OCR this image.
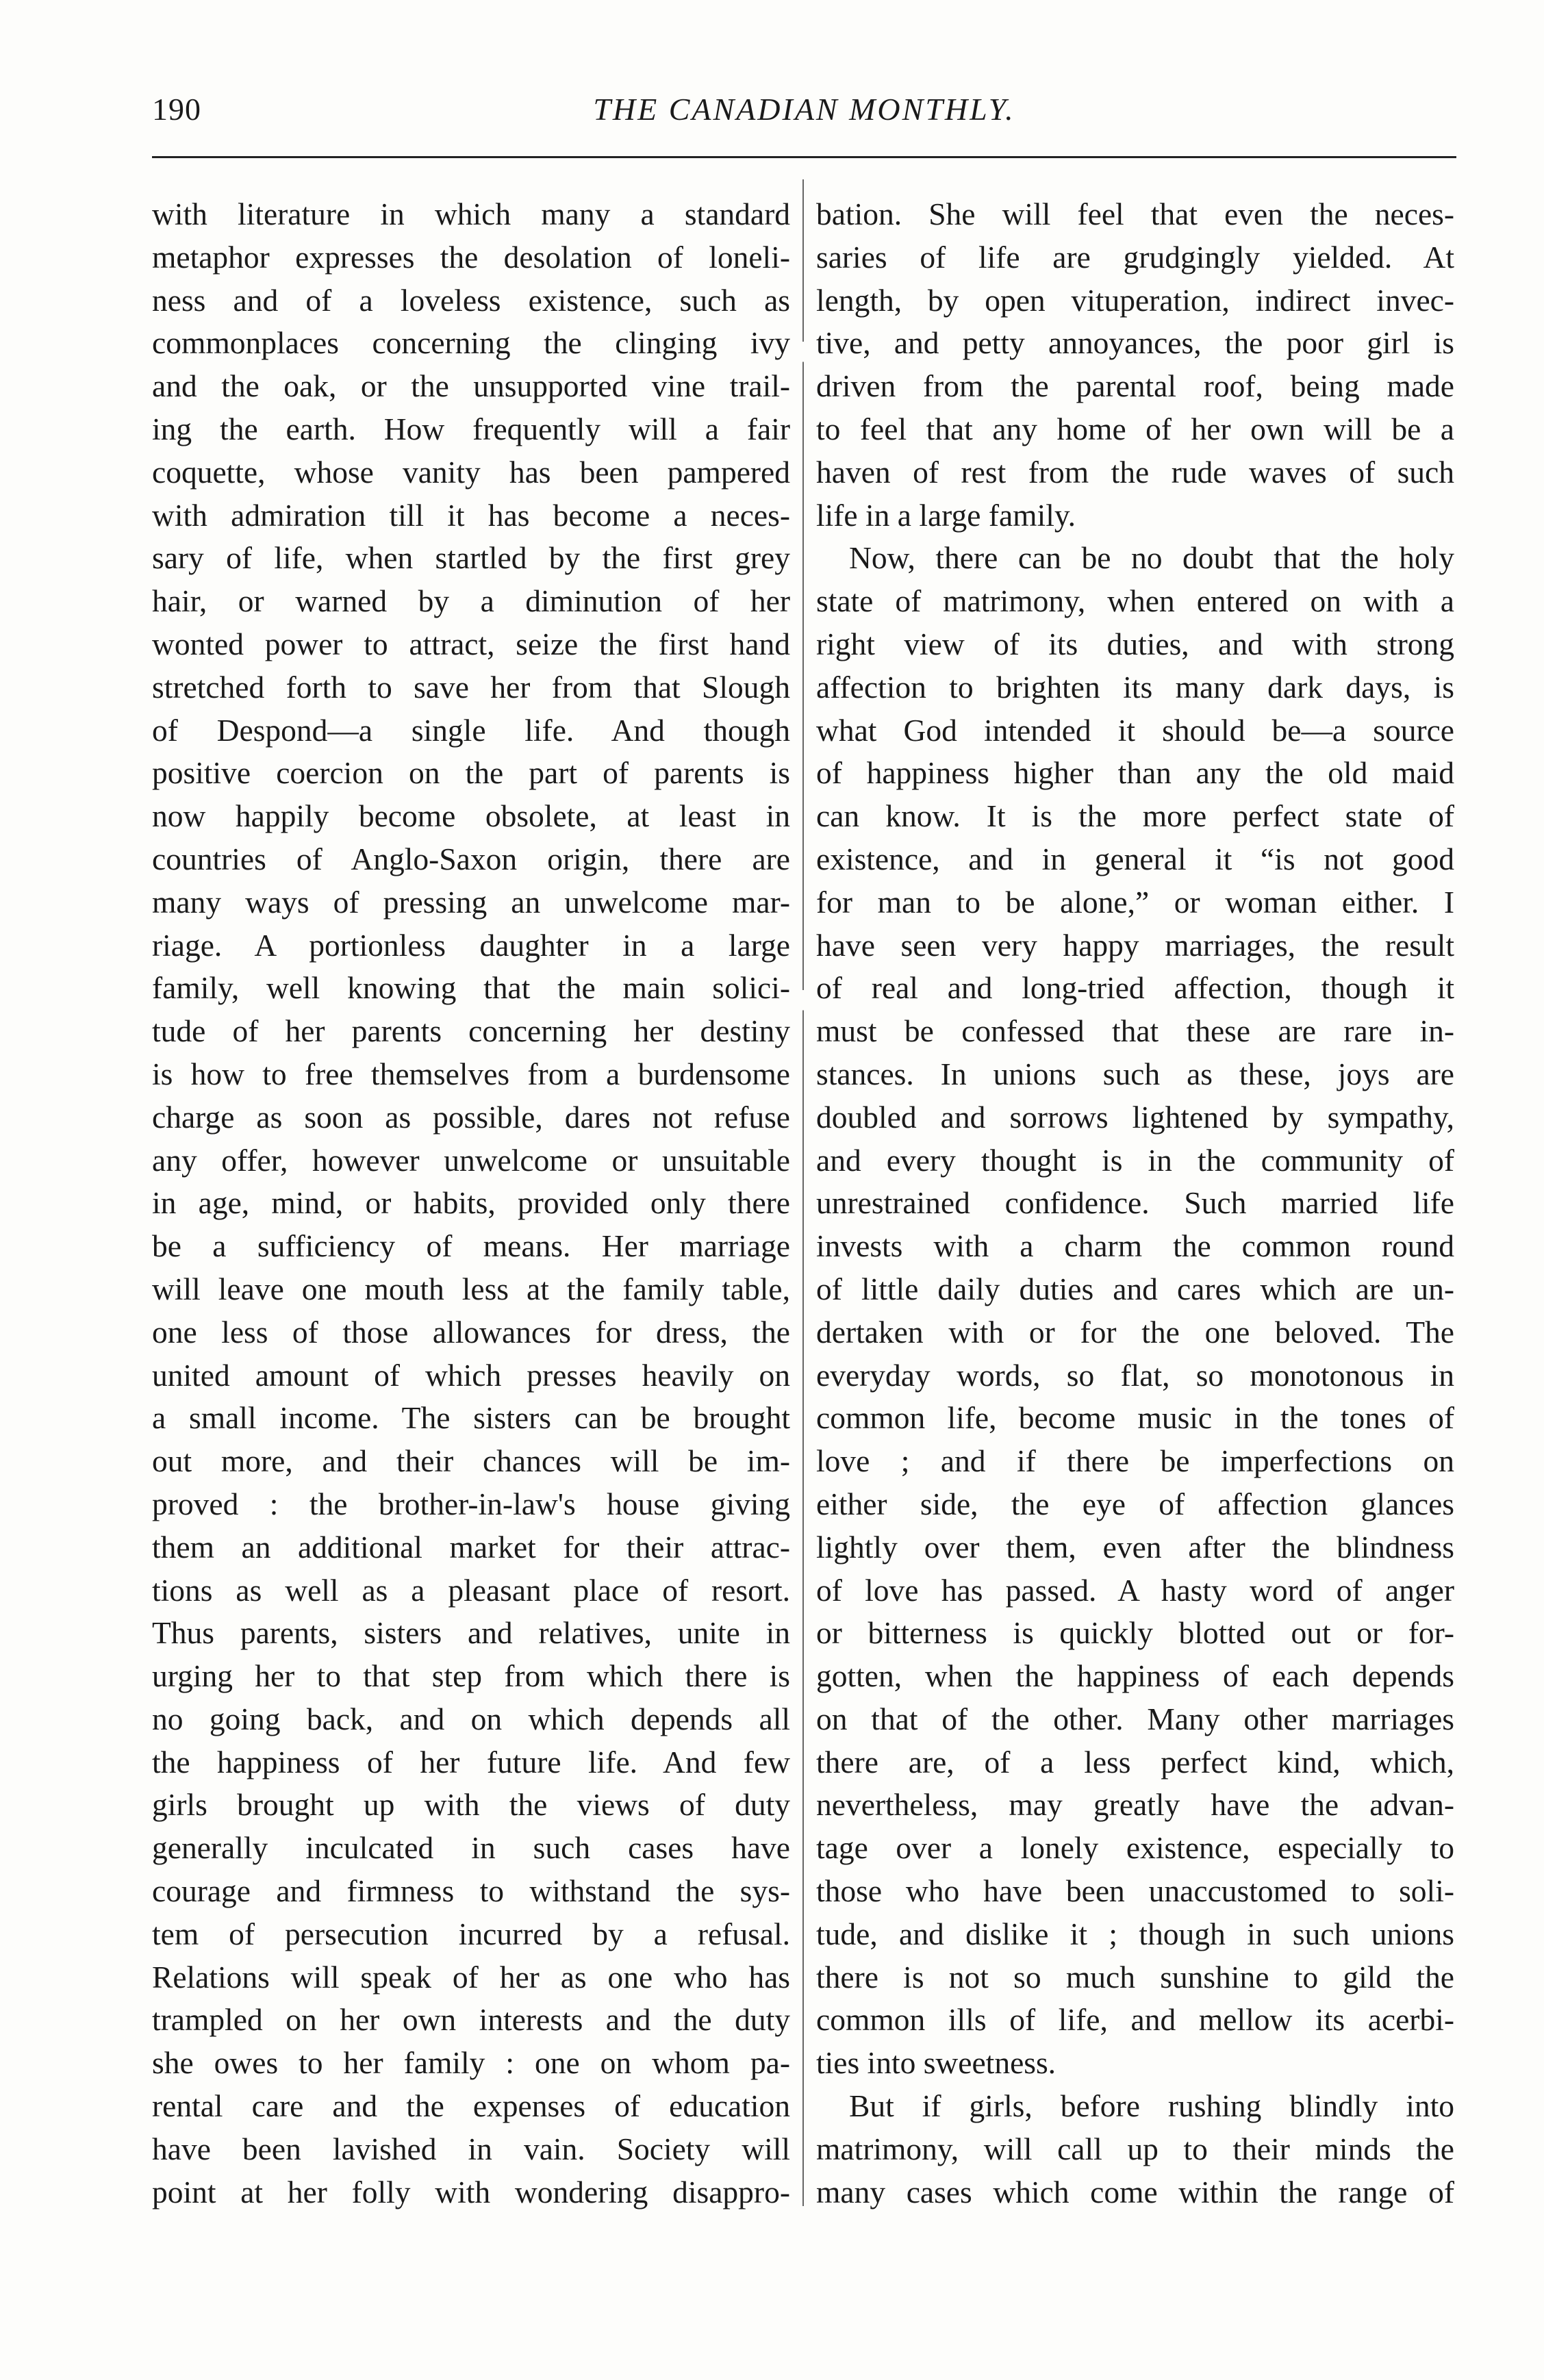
190	THE CANADIAN MONTHLY.
with literature in which many a standard
metaphor expresses the desolation of loneli-
ness and of a loveless existence, such as
commonplaces concerning the clinging ivy
and the oak, or the unsupported vine trail-
ing the earth. How frequently will a fair
coquette, whose vanity has been pampered
with admiration till it has become a neces-
sary of life, when startled by the first grey
hair, or warned by a diminution of her
wonted power to attract, seize the first hand
stretched forth to save her from that Slough
of Despond—a single life. And though
positive coercion on the part of parents is
now happily become obsolete, at least in
countries of Anglo-Saxon origin, there are
many ways of pressing an unwelcome mar-
riage. A portionless daughter in a large
family, well knowing that the main solici-
tude of her parents concerning her destiny
is how to free themselves from a burdensome
charge as soon as possible, dares not refuse
any offer, however unwelcome or unsuitable
in age, mind, or habits, provided only there
be a sufficiency of means. Her marriage
will leave one mouth less at the family table,
one less of those allowances for dress, the
united amount of which presses heavily on
a small income. The sisters can be brought
out more, and their chances will be im-
proved : the brother-in-law's house giving
them an additional market for their attrac-
tions as well as a pleasant place of resort.
Thus parents, sisters and relatives, unite in
urging her to that step from which there is
no going back, and on which depends all
the happiness of her future life. And few
girls brought up with the views of duty
generally inculcated in such cases have
courage and firmness to withstand the sys-
tem of persecution incurred by a refusal.
Relations will speak of her as one who has
trampled on her own interests and the duty
she owes to her family : one on whom pa-
rental care and the expenses of education
have been lavished in vain. Society will
point at her folly with wondering disappro-
bation. She will feel that even the neces-
saries of life are grudgingly yielded. At
length, by open vituperation, indirect invec-
tive, and petty annoyances, the poor girl is
driven from the parental roof, being made
to feel that any home of her own will be a
haven of rest from the rude waves of such
life in a large family.
Now, there can be no doubt that the holy
state of matrimony, when entered on with a
right view of its duties, and with strong
affection to brighten its many dark days, is
what God intended it should be—a source
of happiness higher than any the old maid
can know. It is the more perfect state of
existence, and in general it “is not good
for man to be alone,” or woman either. I
have seen very happy marriages, the result
of real and long-tried affection, though it
must be confessed that these are rare in-
stances. In unions such as these, joys are
doubled and sorrows lightened by sympathy,
and every thought is in the community of
unrestrained confidence. Such married life
invests with a charm the common round
of little daily duties and cares which are un-
dertaken with or for the one beloved. The
everyday words, so flat, so monotonous in
common life, become music in the tones of
love ; and if there be imperfections on
either side, the eye of affection glances
lightly over them, even after the blindness
of love has passed. A hasty word of anger
or bitterness is quickly blotted out or for-
gotten, when the happiness of each depends
on that of the other. Many other marriages
there are, of a less perfect kind, which,
nevertheless, may greatly have the advan-
tage over a lonely existence, especially to
those who have been unaccustomed to soli-
tude, and dislike it ; though in such unions
there is not so much sunshine to gild the
common ills of life, and mellow its acerbi-
ties into sweetness.
But if girls, before rushing blindly into
matrimony, will call up to their minds the
many cases which come within the range of
